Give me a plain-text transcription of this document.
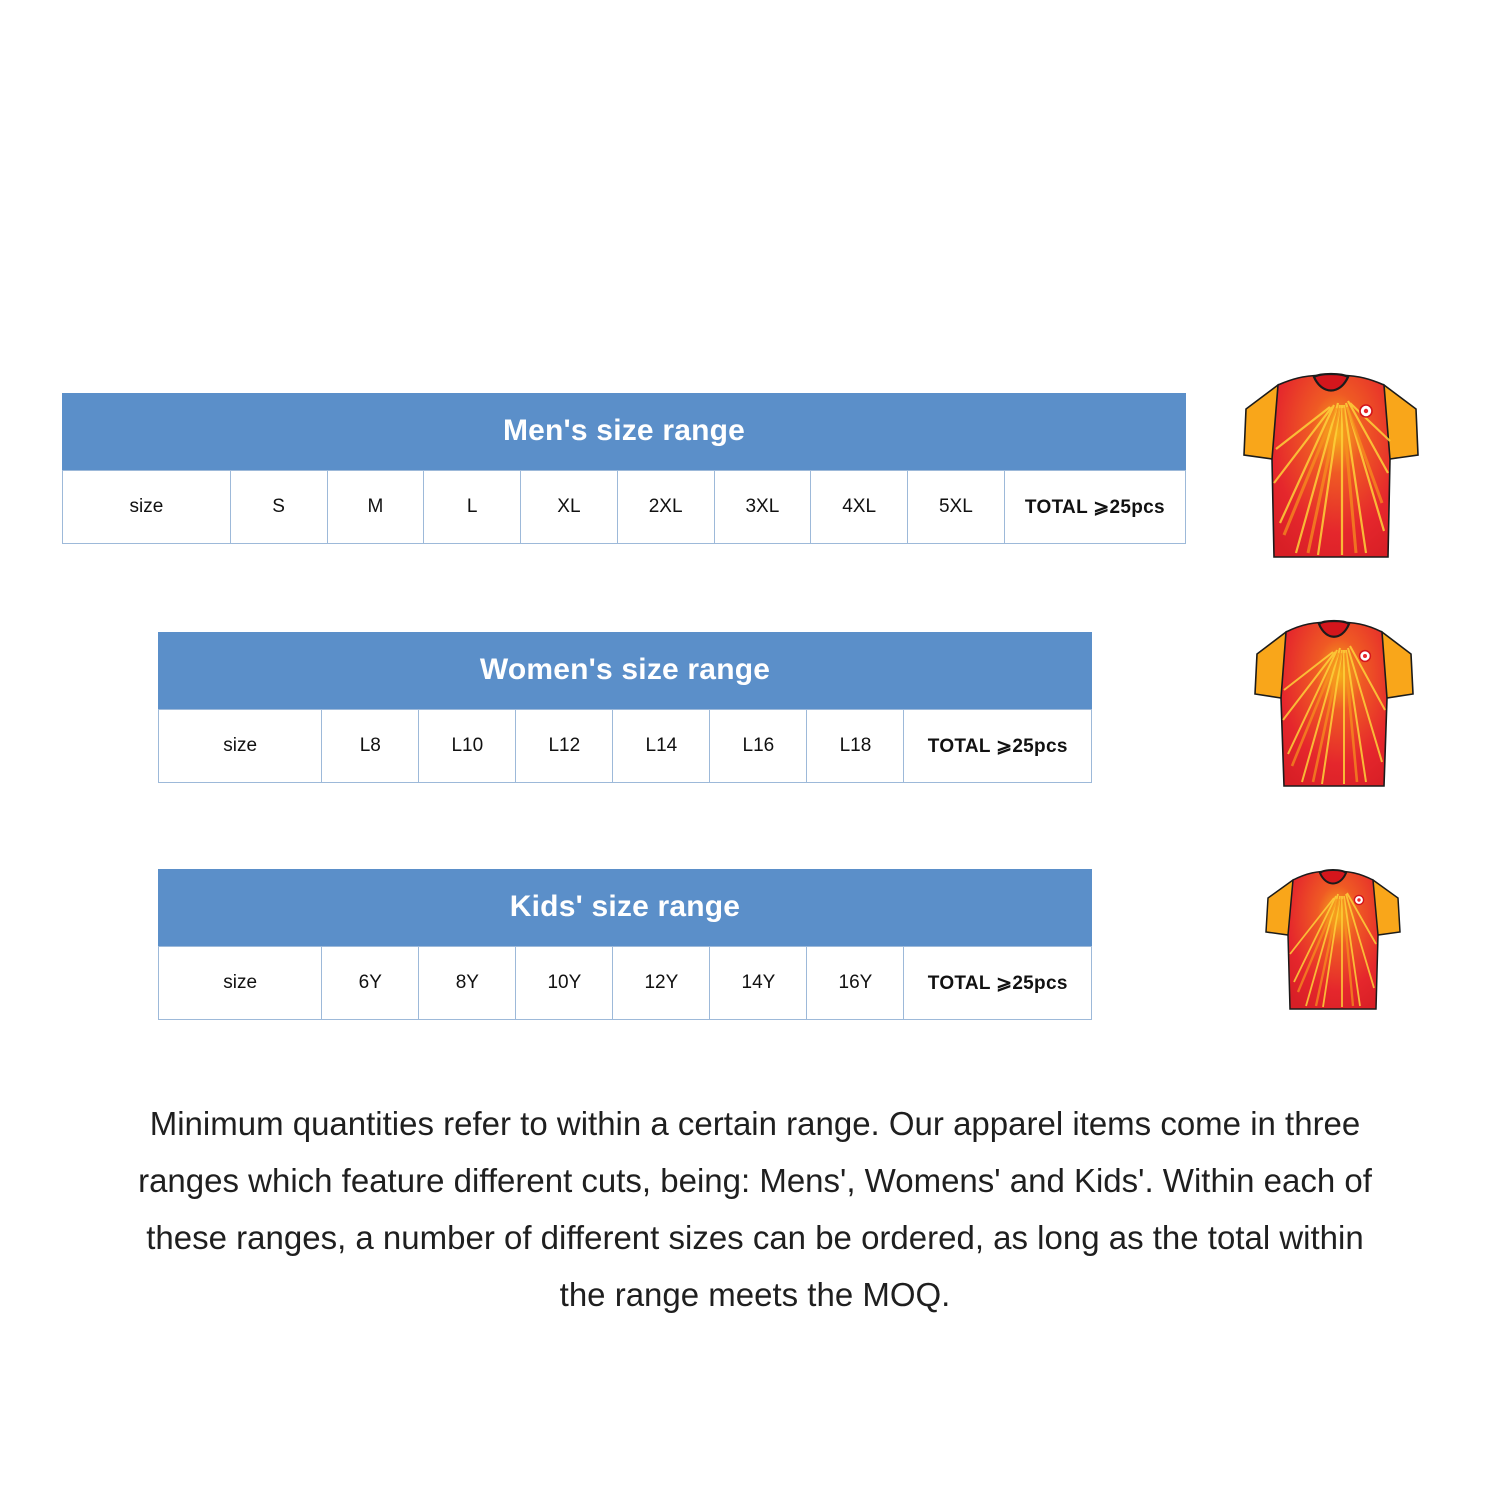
Men's size range
size	S	M	L	XL	2XL	3XL	4XL	5XL	TOTAL ⩾25pcs
Women's size range
size	L8	L10	L12	L14	L16	L18	TOTAL ⩾25pcs
Kids' size range
size	6Y	8Y	10Y	12Y	14Y	16Y	TOTAL ⩾25pcs
Minimum quantities refer to within a certain range. Our apparel items come in three ranges which feature different cuts, being: Mens', Womens' and Kids'. Within each of these ranges, a number of different sizes can be ordered, as long as the total within the range meets the MOQ.
